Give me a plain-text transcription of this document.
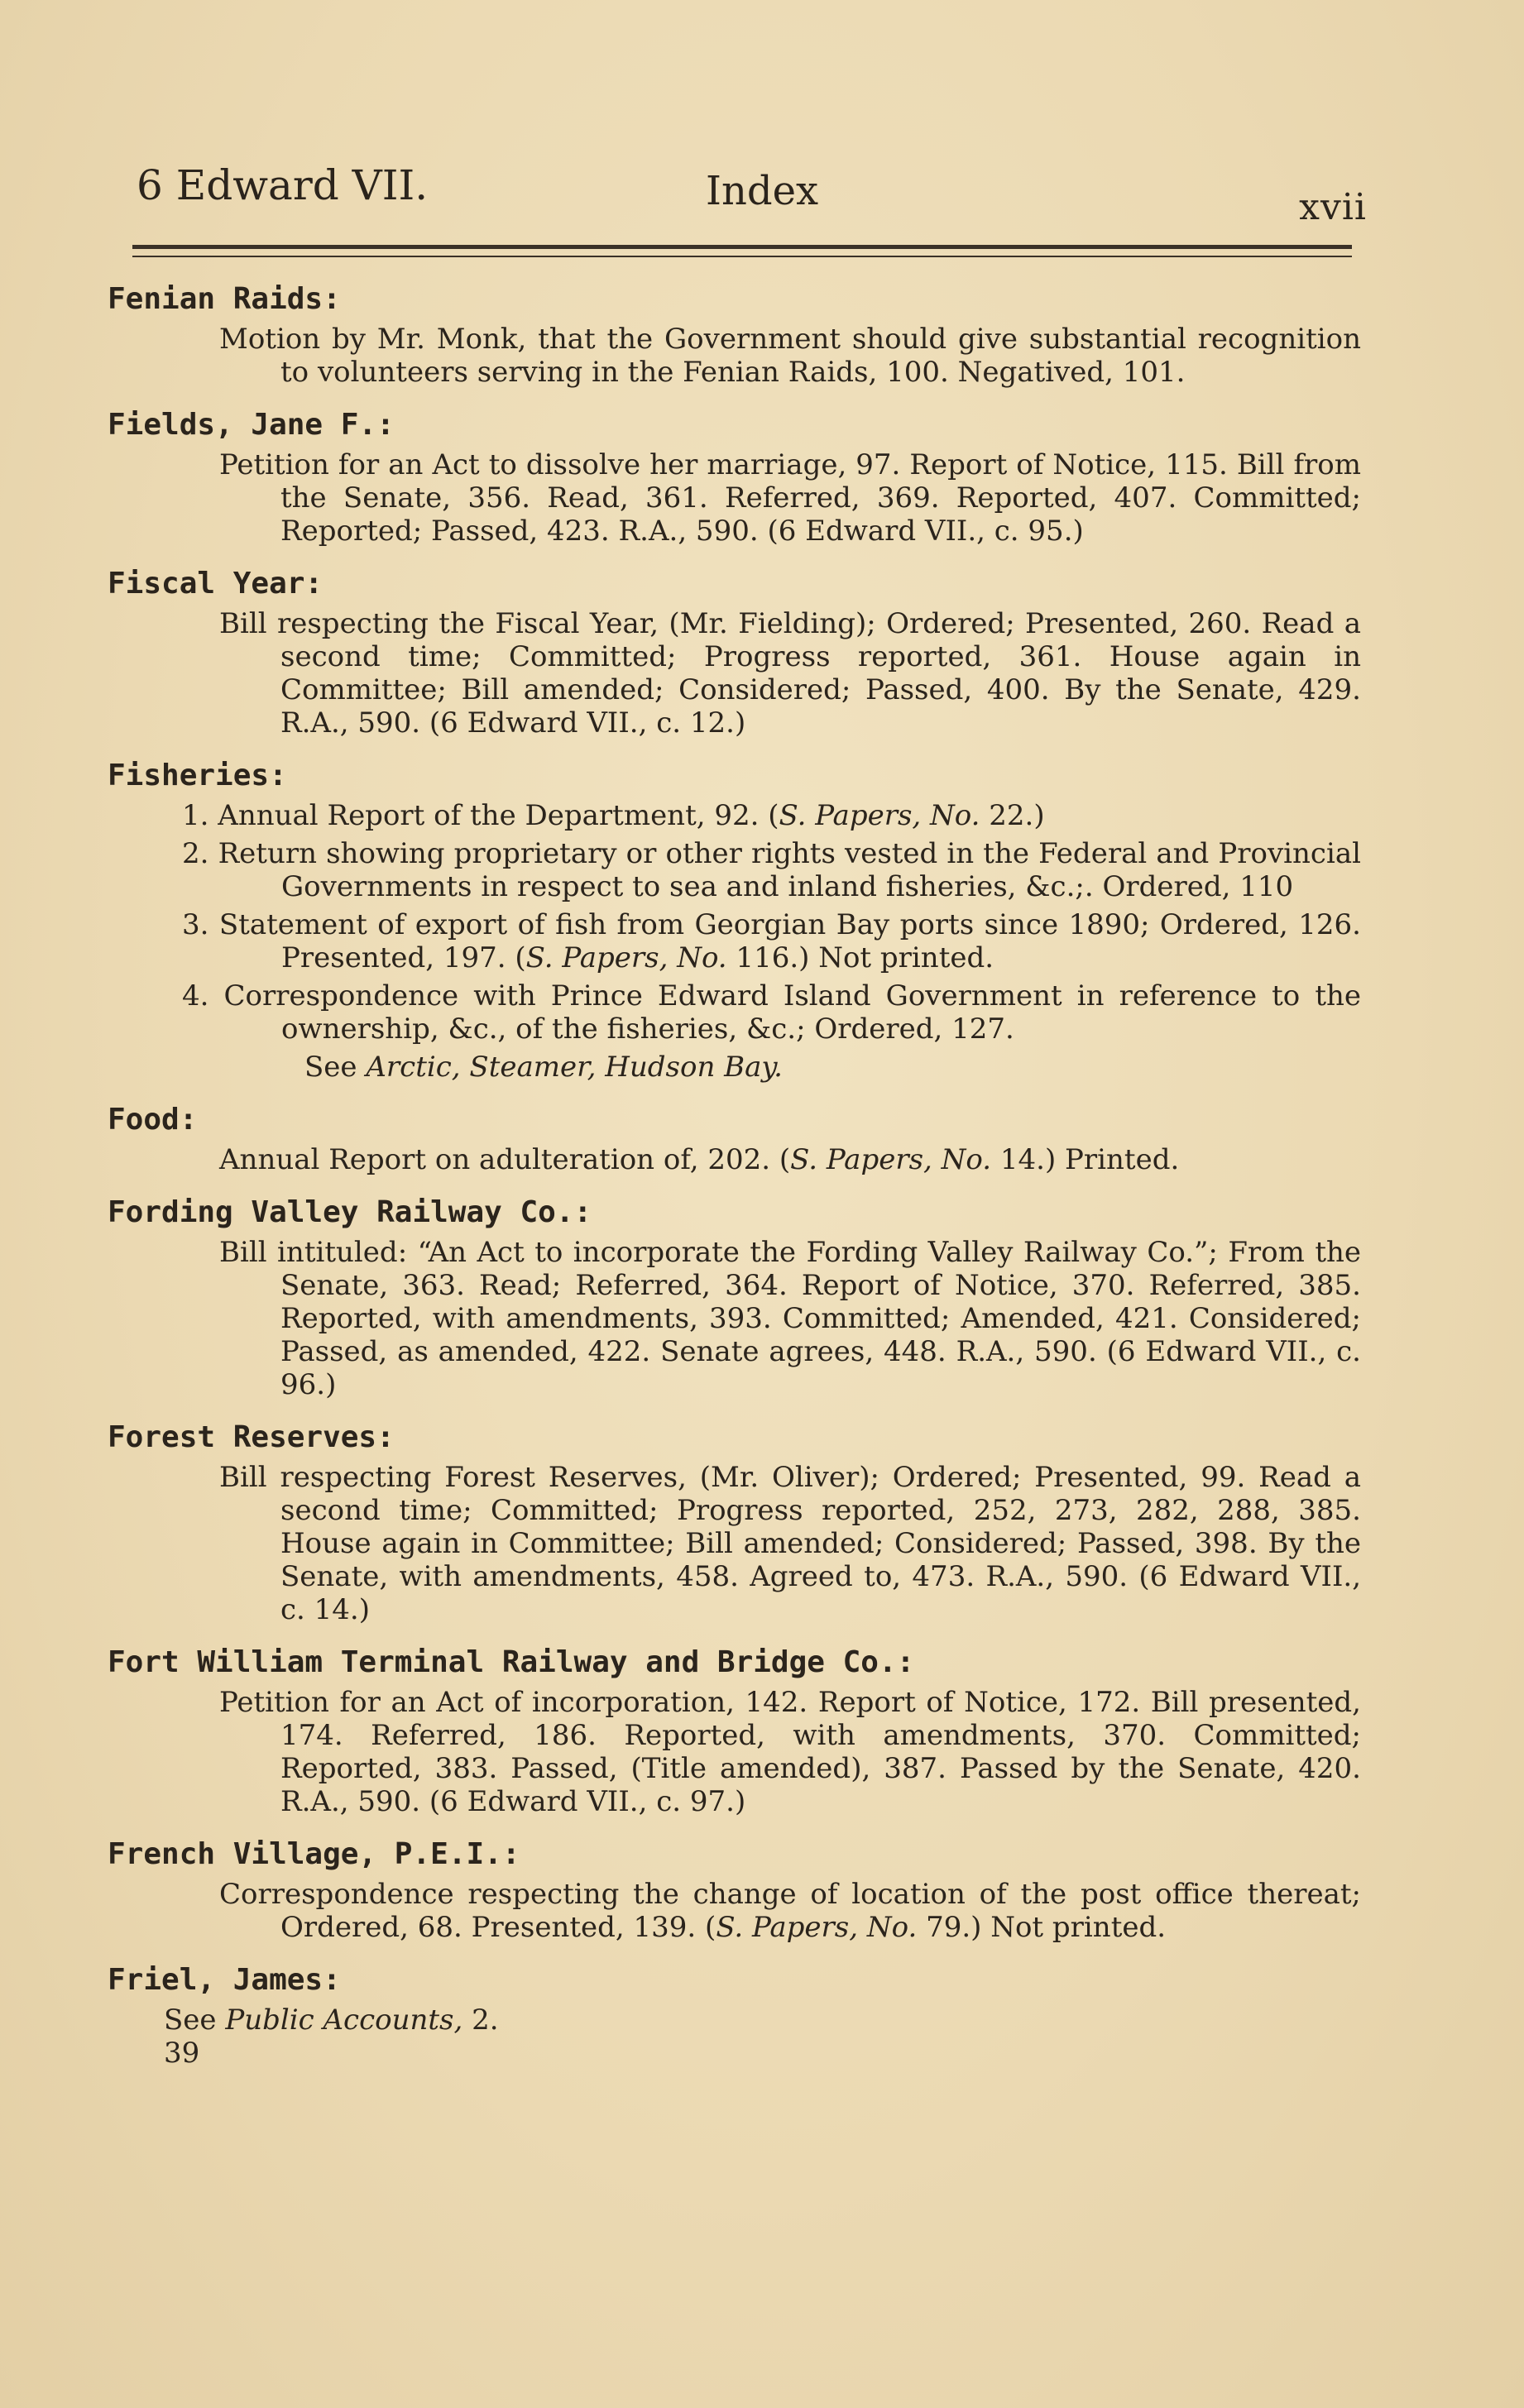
6 Edward VII.	Index	xvii
Fenian Raids:
Motion by Mr. Monk, that the Government should give substantial recognition to volunteers serving in the Fenian Raids, 100. Negatived, 101.
Fields, Jane F.:
Petition for an Act to dissolve her marriage, 97. Report of Notice, 115. Bill from the Senate, 356. Read, 361. Referred, 369. Reported, 407. Committed; Reported; Passed, 423. R.A., 590. (6 Edward VII., c. 95.)
Fiscal Year:
Bill respecting the Fiscal Year, (Mr. Fielding); Ordered; Presented, 260. Read a second time; Committed; Progress reported, 361. House again in Committee; Bill amended; Considered; Passed, 400. By the Senate, 429. R.A., 590. (6 Edward VII., c. 12.)
Fisheries:
1. Annual Report of the Department, 92. (S. Papers, No. 22.)
2. Return showing proprietary or other rights vested in the Federal and Provincial Governments in respect to sea and inland fisheries, &c.;. Ordered, 110
3. Statement of export of fish from Georgian Bay ports since 1890; Ordered, 126. Presented, 197. (S. Papers, No. 116.) Not printed.
4. Correspondence with Prince Edward Island Government in reference to the ownership, &c., of the fisheries, &c.; Ordered, 127.
See Arctic, Steamer, Hudson Bay.
Food:
Annual Report on adulteration of, 202. (S. Papers, No. 14.) Printed.
Fording Valley Railway Co.:
Bill intituled: “An Act to incorporate the Fording Valley Railway Co.”; From the Senate, 363. Read; Referred, 364. Report of Notice, 370. Referred, 385. Reported, with amendments, 393. Committed; Amended, 421. Considered; Passed, as amended, 422. Senate agrees, 448. R.A., 590. (6 Edward VII., c. 96.)
Forest Reserves:
Bill respecting Forest Reserves, (Mr. Oliver); Ordered; Presented, 99. Read a second time; Committed; Progress reported, 252, 273, 282, 288, 385. House again in Committee; Bill amended; Considered; Passed, 398. By the Senate, with amendments, 458. Agreed to, 473. R.A., 590. (6 Edward VII., c. 14.)
Fort William Terminal Railway and Bridge Co.:
Petition for an Act of incorporation, 142. Report of Notice, 172. Bill presented, 174. Referred, 186. Reported, with amendments, 370. Committed; Reported, 383. Passed, (Title amended), 387. Passed by the Senate, 420. R.A., 590. (6 Edward VII., c. 97.)
French Village, P.E.I.:
Correspondence respecting the change of location of the post office thereat; Ordered, 68. Presented, 139. (S. Papers, No. 79.) Not printed.
Friel, James:
See Public Accounts, 2.
39
